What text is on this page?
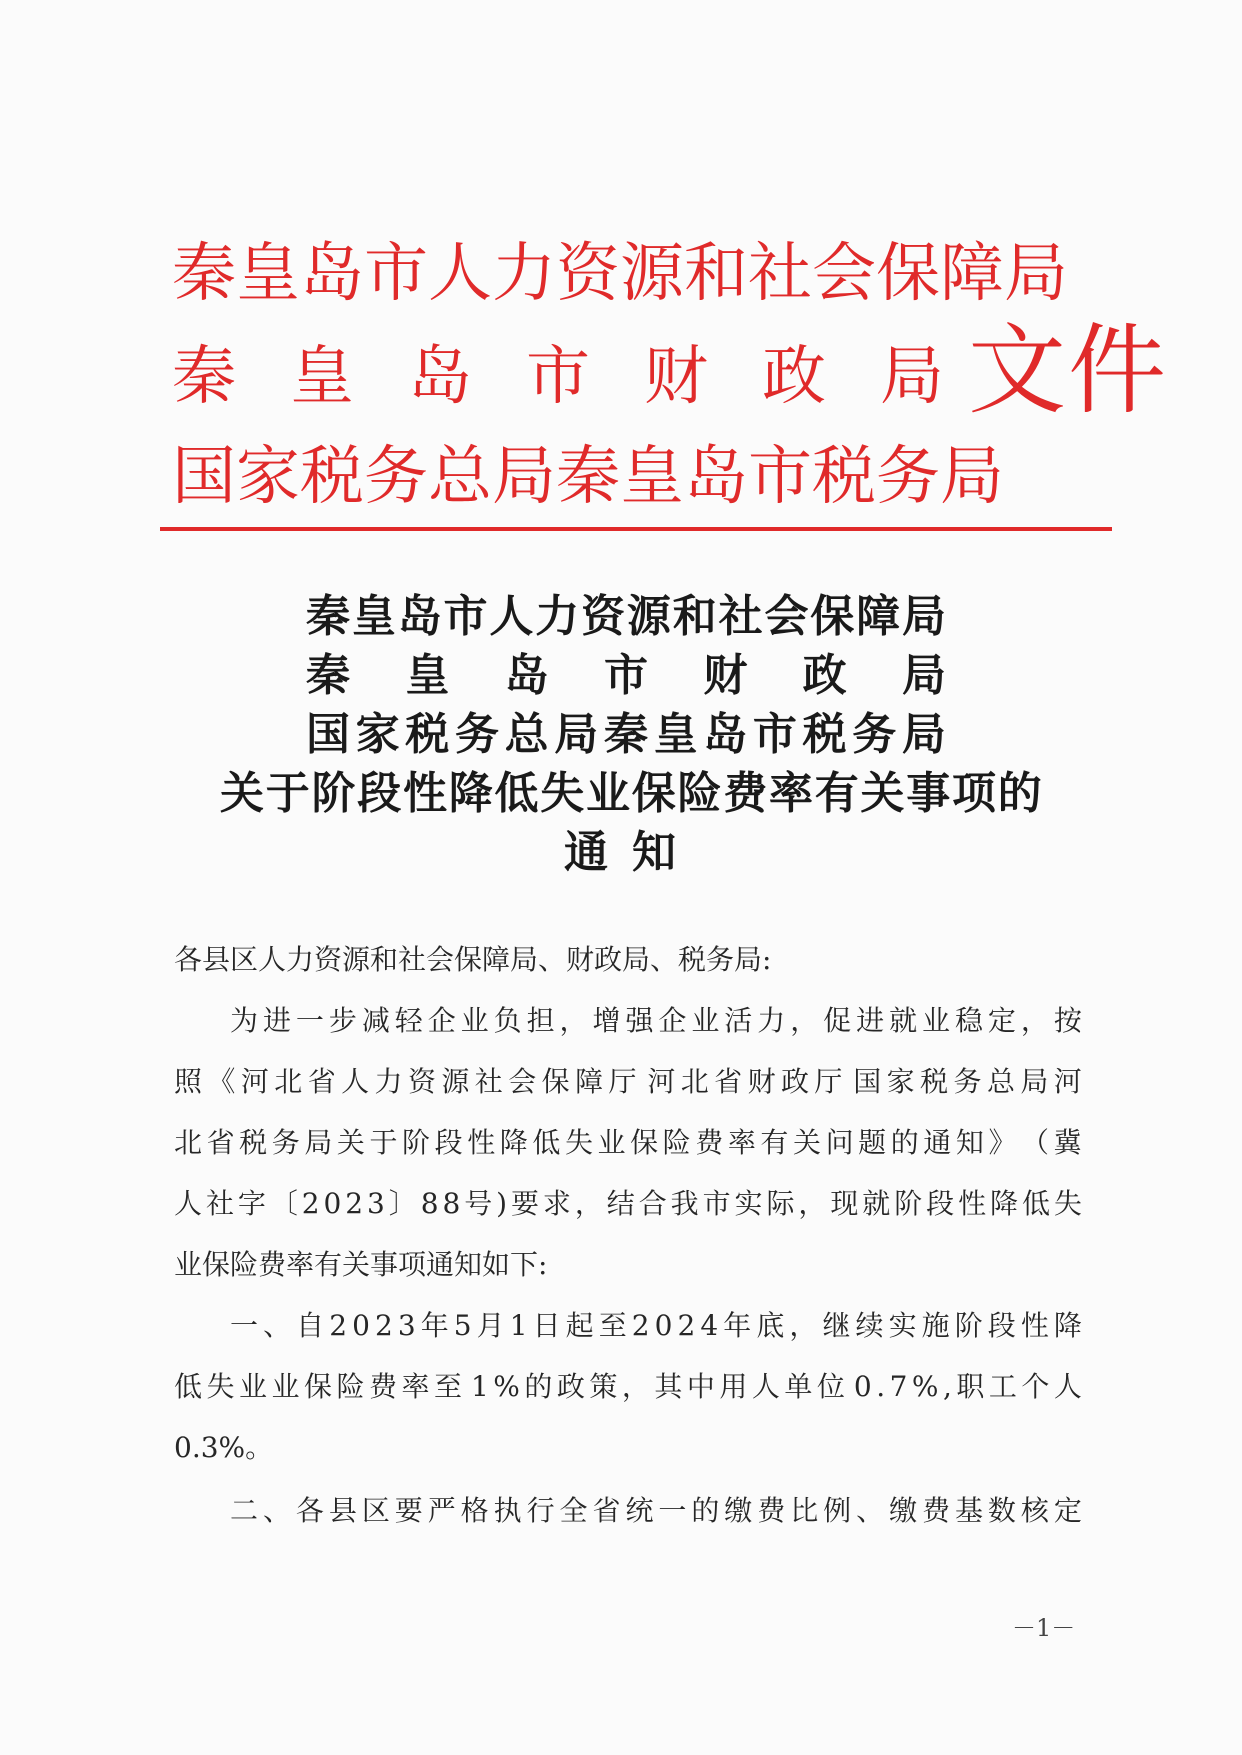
秦 皇 岛 市 人 力 资 源 和 社 会 保 障 局
秦 皇 岛 市 财 政 局
国 家 税 务 总 局 秦 皇 岛 市 税 务 局
文件
秦 皇 岛 市 人 力 资 源 和 社 会 保 障 局
秦 皇 岛 市 财 政 局
国 家 税 务 总 局 秦 皇 岛 市 税 务 局
关 于 阶 段 性 降 低 失 业 保 险 费 率 有 关 事 项 的
通 知
各县区人力资源和社会保障局、财政局、税务局:
为 进 一 步 减 轻 企 业 负 担 ， 增 强 企 业 活 力 ， 促 进 就 业 稳 定 ， 按
照 《 河 北 省 人 力 资 源 社 会 保 障 厅 河 北 省 财 政 厅 国 家 税 务 总 局 河
北 省 税 务 局 关 于 阶 段 性 降 低 失 业 保 险 费 率 有 关 问 题 的 通 知 》 （ 冀
人 社 字 〔 2 0 2 3 〕 8 8 号 ) 要 求 ， 结 合 我 市 实 际 ， 现 就 阶 段 性 降 低 失
业保险费率有关事项通知如下:
一 、 自 2 0 2 3 年 5 月 1 日 起 至 2 0 2 4 年 底 ， 继 续 实 施 阶 段 性 降
低 失 业 业 保 险 费 率 至 1 % 的 政 策 ， 其 中 用 人 单 位 0 . 7 % , 职 工 个 人
0.3%。
二 、 各 县 区 要 严 格 执 行 全 省 统 一 的 缴 费 比 例 、 缴 费 基 数 核 定
－1－
